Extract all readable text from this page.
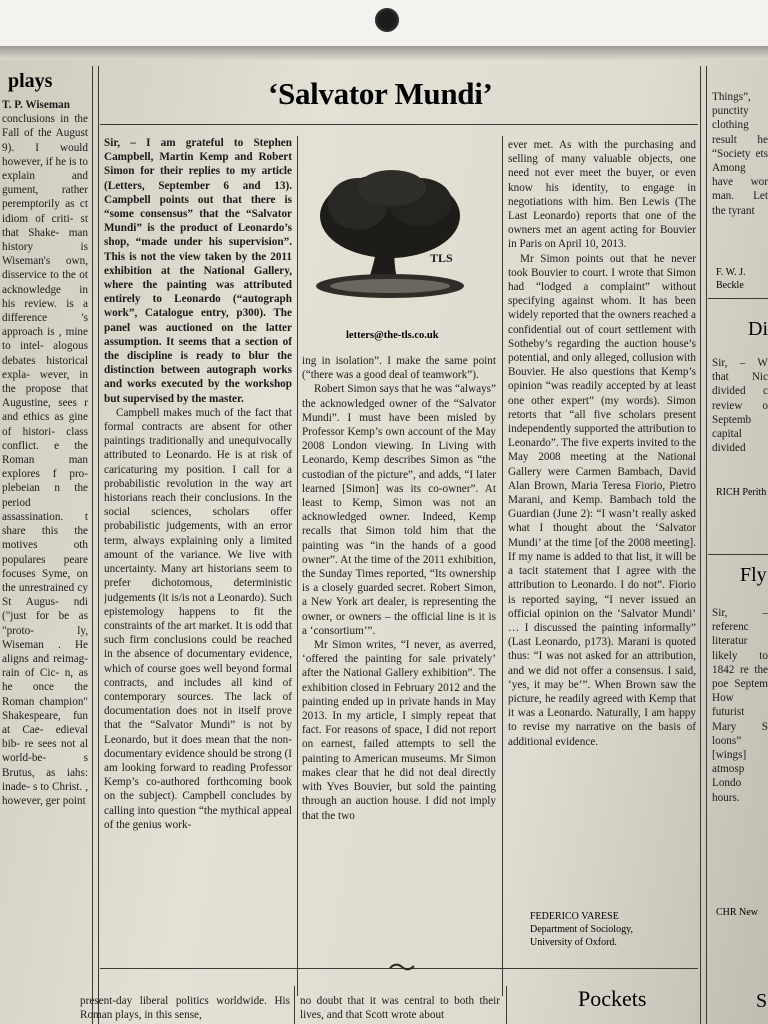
plays

T. P. Wiseman

conclusions in the Fall of the August 9). I would however, if he is to explain and gument, rather peremptorily as ct idiom of criti- st that Shake- man history is Wiseman's own, disservice to the ot acknowledge in his review. is a difference 's approach is , mine to intel- alogous debates historical expla- wever, in the propose that Augustine, sees r and ethics as gine of histori- class conflict. e the Roman man explores f pro-plebeian n the period assassination. t share this the motives oth populares peare focuses Syme, on the unrestrained cy St Augus- ndi ("just for be as "proto- ly, Wiseman . He aligns and reimag- rain of Cic- n, as he once the Roman champion" Shakespeare, fun at Cae- edieval bib- re sees not al world-be- s Brutus, as iahs: inade- s to Christ. , however, ger point

‘Salvator Mundi’

Sir, – I am grateful to Stephen Campbell, Martin Kemp and Robert Simon for their replies to my article (Letters, September 6 and 13). Campbell points out that there is “some consensus” that the “Salvator Mundi” is the product of Leonardo’s shop, “made under his supervision”. This is not the view taken by the 2011 exhibition at the National Gallery, where the painting was attributed entirely to Leonardo (“autograph work”, Catalogue entry, p300). The panel was auctioned on the latter assumption. It seems that a section of the discipline is ready to blur the distinction between autograph works and works executed by the workshop but supervised by the master.

Campbell makes much of the fact that formal contracts are absent for other paintings traditionally and unequivocally attributed to Leonardo. He is at risk of caricaturing my position. I call for a probabilistic revolution in the way art historians reach their conclusions. In the social sciences, scholars offer probabilistic judgements, with an error term, always explaining only a limited amount of the variance. We live with uncertainty. Many art historians seem to prefer dichotomous, deterministic judgements (it is/is not a Leonardo). Such epistemology happens to fit the constraints of the art market. It is odd that such firm conclusions could be reached in the absence of documentary evidence, which of course goes well beyond formal contracts, and includes all kind of contemporary sources. The lack of documentation does not in itself prove that the “Salvator Mundi” is not by Leonardo, but it does mean that the non-documentary evidence should be strong (I am looking forward to reading Professor Kemp’s co-authored forthcoming book on the subject). Campbell concludes by calling into question “the mythical appeal of the genius work-

TLS
letters@the-tls.co.uk

ing in isolation”. I make the same point (“there was a good deal of teamwork”).

Robert Simon says that he was “always” the acknowledged owner of the “Salvator Mundi”. I must have been misled by Professor Kemp’s own account of the May 2008 London viewing. In Living with Leonardo, Kemp describes Simon as “the custodian of the picture”, and adds, “I later learned [Simon] was its co-owner”. At least to Kemp, Simon was not an acknowledged owner. Indeed, Kemp recalls that Simon told him that the painting was “in the hands of a good owner”. At the time of the 2011 exhibition, the Sunday Times reported, “Its ownership is a closely guarded secret. Robert Simon, a New York art dealer, is representing the owner, or owners – the official line is it is a ‘consortium’”.

Mr Simon writes, “I never, as averred, ‘offered the painting for sale privately’ after the National Gallery exhibition”. The exhibition closed in February 2012 and the painting ended up in private hands in May 2013. In my article, I simply repeat that fact. For reasons of space, I did not report on earnest, failed attempts to sell the painting to American museums. Mr Simon makes clear that he did not deal directly with Yves Bouvier, but sold the painting through an auction house. I did not imply that the two

ever met. As with the purchasing and selling of many valuable objects, one need not ever meet the buyer, or even know his identity, to engage in negotiations with him. Ben Lewis (The Last Leonardo) reports that one of the owners met an agent acting for Bouvier in Paris on April 10, 2013.

Mr Simon points out that he never took Bouvier to court. I wrote that Simon had “lodged a complaint” without specifying against whom. It has been widely reported that the owners reached a confidential out of court settlement with Sotheby’s regarding the auction house’s potential, and only alleged, collusion with Bouvier. He also questions that Kemp’s opinion “was readily accepted by at least one other expert” (my words). Simon retorts that “all five scholars present independently supported the attribution to Leonardo”. The five experts invited to the May 2008 meeting at the National Gallery were Carmen Bambach, David Alan Brown, Maria Teresa Fiorio, Pietro Marani, and Kemp. Bambach told the Guardian (June 2): “I wasn’t really asked what I thought about the ‘Salvator Mundi’ at the time [of the 2008 meeting]. If my name is added to that list, it will be a tacit statement that I agree with the attribution to Leonardo. I do not”. Fiorio is reported saying, “I never issued an official opinion on the ‘Salvator Mundi’ … I discussed the painting informally” (Last Leonardo, p173). Marani is quoted thus: “I was not asked for an attribution, and we did not offer a consensus. I said, ‘yes, it may be’”. When Brown saw the picture, he readily agreed with Kemp that it was a Leonardo. Naturally, I am happy to revise my narrative on the basis of additional evidence.

FEDERICO VARESE
Department of Sociology,
University of Oxford.
Things”, punctity clothing result he “Society ets Among have wor man. Let the tyrant
F. W. J. Beckle
Di
Sir, – W that Nic divided c review o Septemb capital divided
RICH Perith
Fly
Sir, – referenc literatur likely to 1842 re the poe Septem How futurist Mary S loons” [wings] atmosp Londo hours.
CHR New
present-day liberal politics worldwide. His Roman plays, in this sense,
no doubt that it was central to both their lives, and that Scott wrote about
Pockets	S
